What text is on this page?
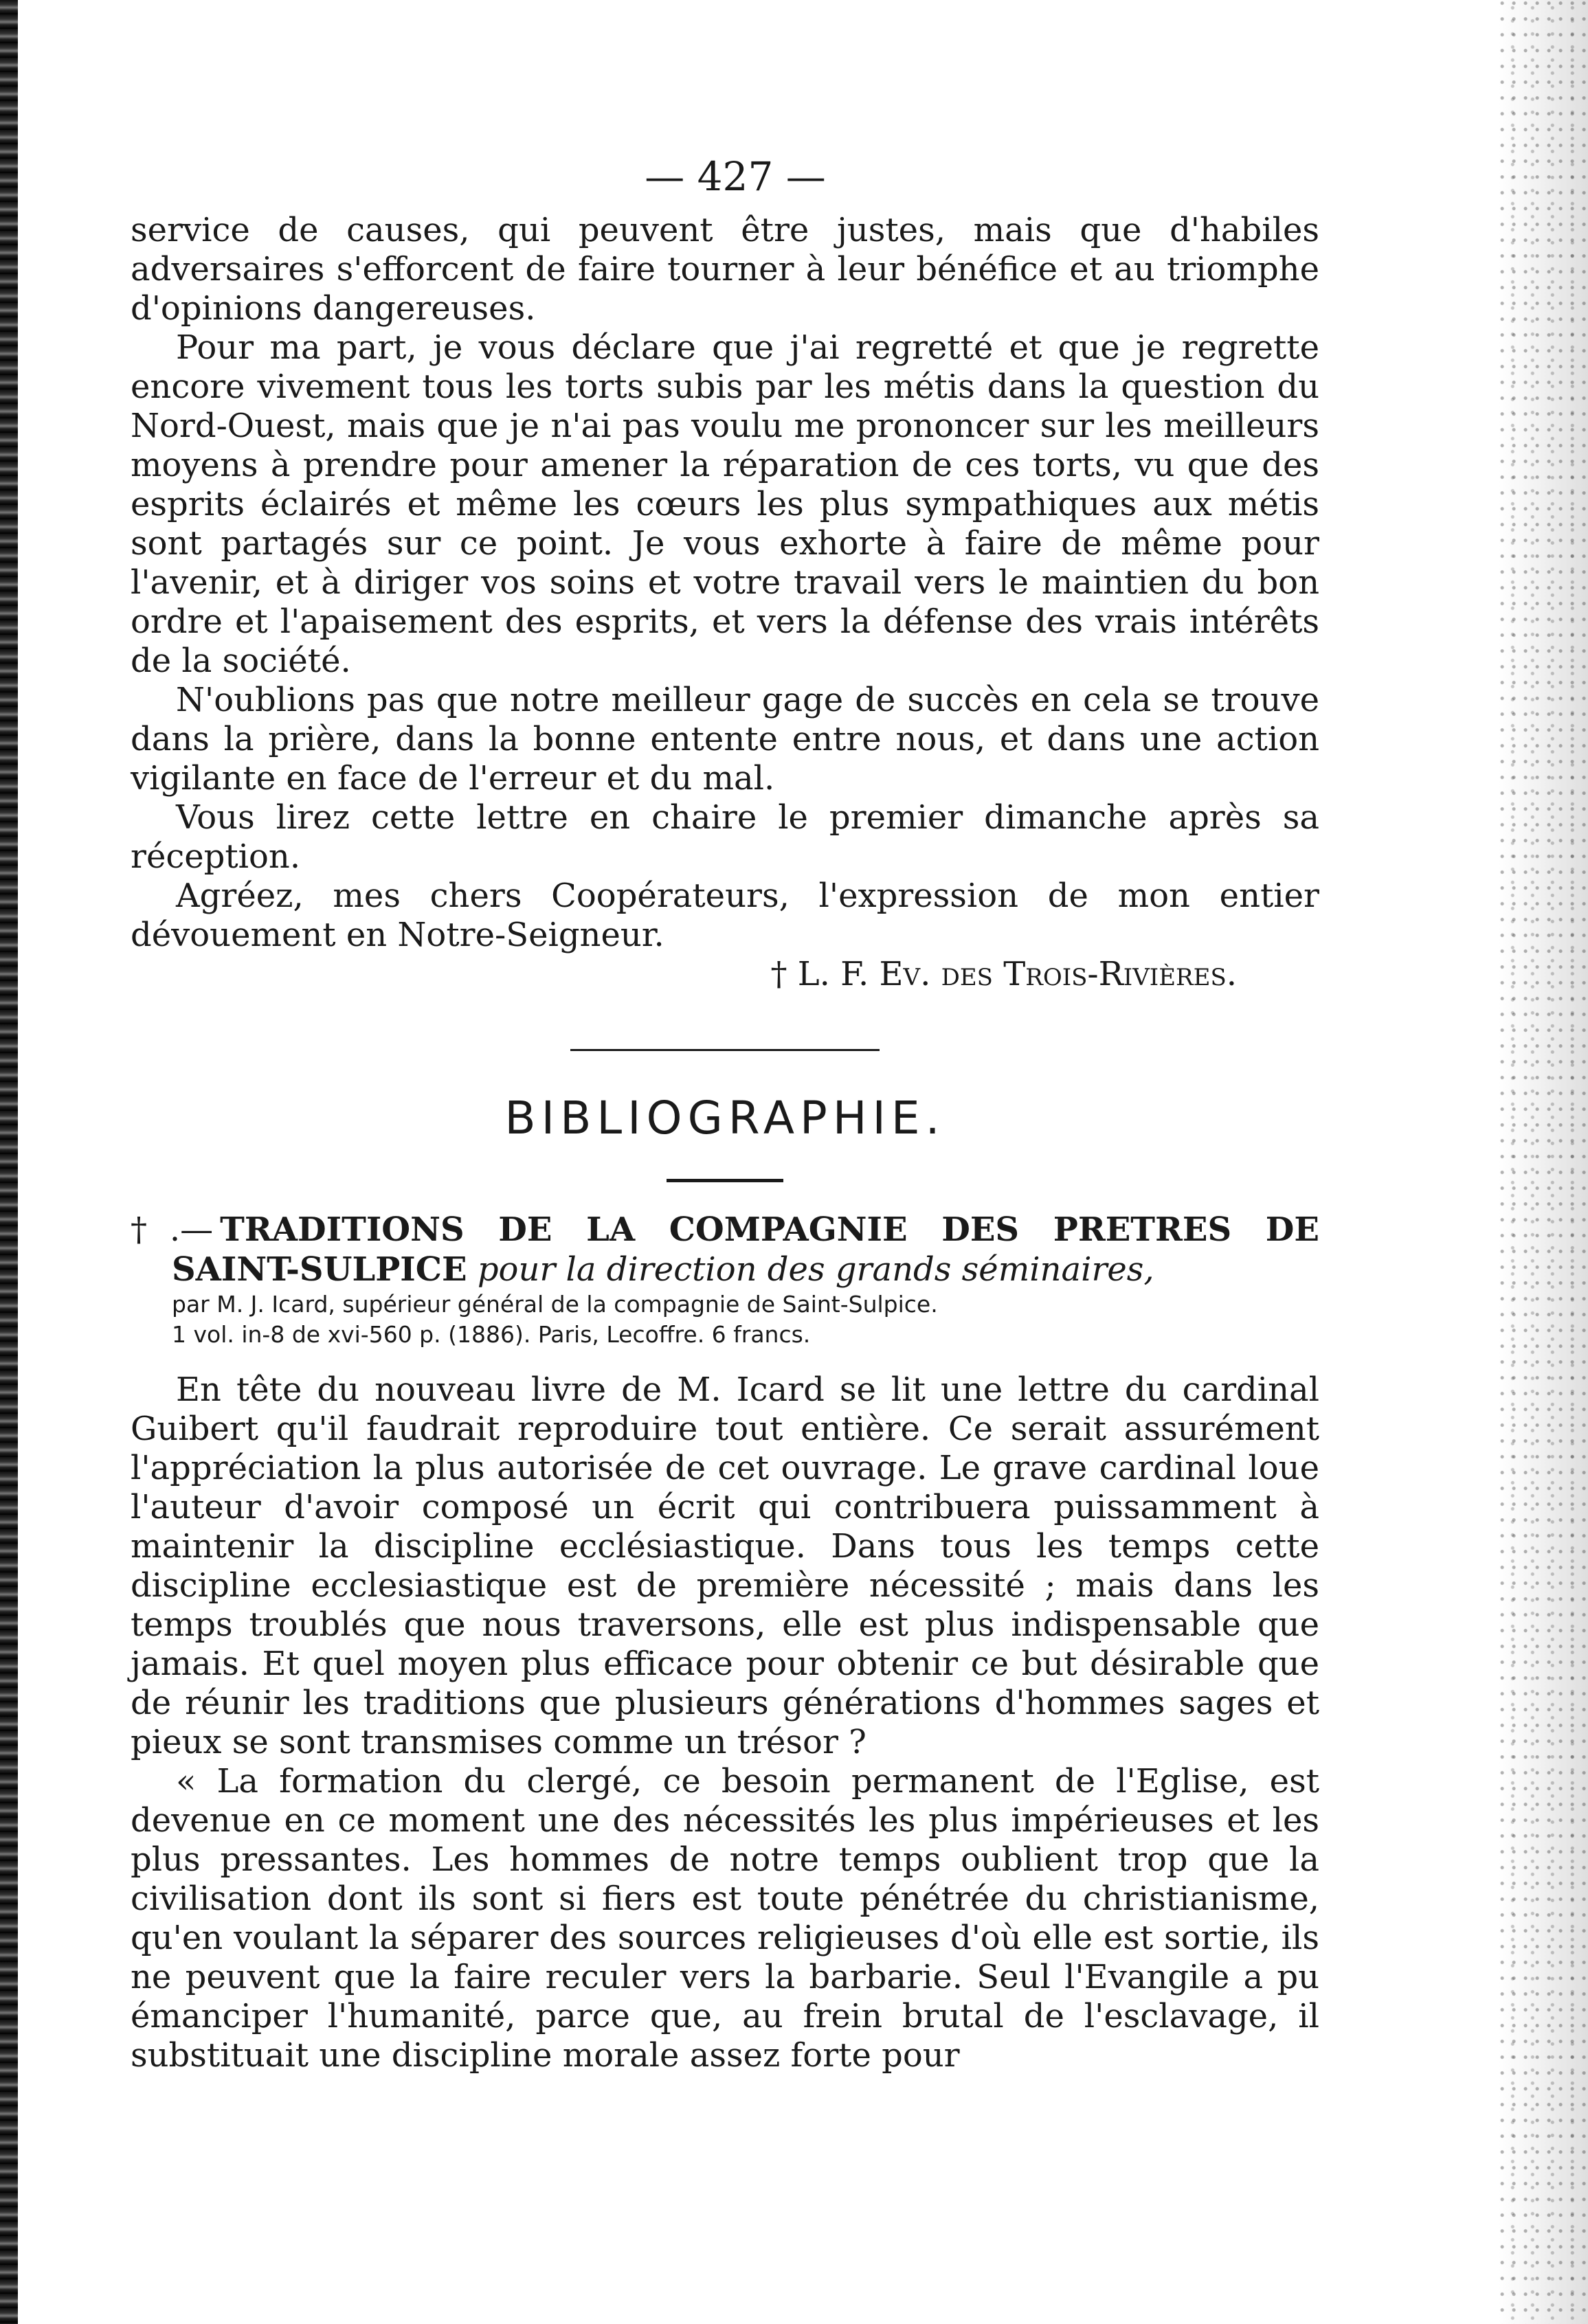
— 427 —

service de causes, qui peuvent être justes, mais que d'habiles adversaires s'efforcent de faire tourner à leur bénéfice et au triomphe d'opinions dangereuses.

Pour ma part, je vous déclare que j'ai regretté et que je regrette encore vivement tous les torts subis par les métis dans la question du Nord-Ouest, mais que je n'ai pas voulu me prononcer sur les meilleurs moyens à prendre pour amener la réparation de ces torts, vu que des esprits éclairés et même les cœurs les plus sympathiques aux métis sont partagés sur ce point. Je vous exhorte à faire de même pour l'avenir, et à diriger vos soins et votre travail vers le maintien du bon ordre et l'apaisement des esprits, et vers la défense des vrais intérêts de la société.

N'oublions pas que notre meilleur gage de succès en cela se trouve dans la prière, dans la bonne entente entre nous, et dans une action vigilante en face de l'erreur et du mal.

Vous lirez cette lettre en chaire le premier dimanche après sa réception.

Agréez, mes chers Coopérateurs, l'expression de mon entier dévouement en Notre-Seigneur.

† L. F. Ev. des Trois-Rivières.

BIBLIOGRAPHIE.

†.— TRADITIONS DE LA COMPAGNIE DES PRETRES DE

SAINT-SULPICE pour la direction des grands séminaires,

par M. J. Icard, supérieur général de la compagnie de Saint-Sulpice.

1 vol. in-8 de xvi-560 p. (1886). Paris, Lecoffre. 6 francs.

En tête du nouveau livre de M. Icard se lit une lettre du cardinal Guibert qu'il faudrait reproduire tout entière. Ce serait assurément l'appréciation la plus autorisée de cet ouvrage. Le grave cardinal loue l'auteur d'avoir composé un écrit qui contribuera puissamment à maintenir la discipline ecclésiastique. Dans tous les temps cette discipline ecclesiastique est de première nécessité ; mais dans les temps troublés que nous traversons, elle est plus indispensable que jamais. Et quel moyen plus efficace pour obtenir ce but désirable que de réunir les traditions que plusieurs générations d'hommes sages et pieux se sont transmises comme un trésor ?

« La formation du clergé, ce besoin permanent de l'Eglise, est devenue en ce moment une des nécessités les plus impérieuses et les plus pressantes. Les hommes de notre temps oublient trop que la civilisation dont ils sont si fiers est toute pénétrée du christianisme, qu'en voulant la séparer des sources religieuses d'où elle est sortie, ils ne peuvent que la faire reculer vers la barbarie. Seul l'Evangile a pu émanciper l'humanité, parce que, au frein brutal de l'esclavage, il substituait une discipline morale assez forte pour
